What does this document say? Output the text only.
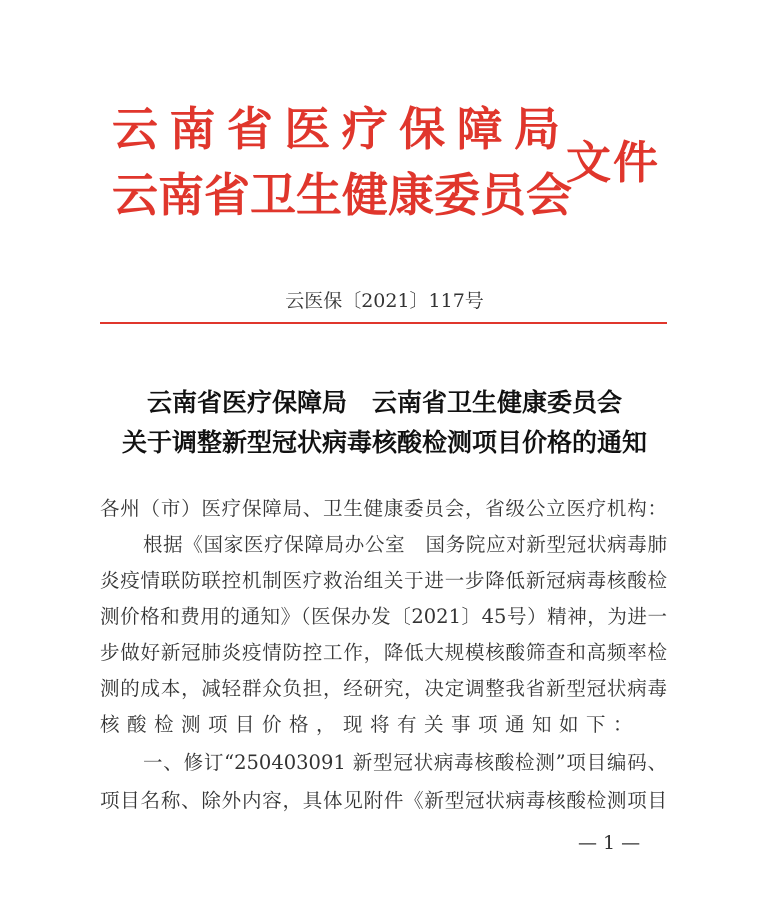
云南省医疗保障局
云南省卫生健康委员会
文件
云医保〔2021〕117号
云南省医疗保障局　云南省卫生健康委员会
关于调整新型冠状病毒核酸检测项目价格的通知
各州（市）医疗保障局、卫生健康委员会，省级公立医疗机构：
根据《国家医疗保障局办公室　国务院应对新型冠状病毒肺
炎疫情联防联控机制医疗救治组关于进一步降低新冠病毒核酸检
测价格和费用的通知》（医保办发〔2021〕45号）精神，为进一
步做好新冠肺炎疫情防控工作，降低大规模核酸筛查和高频率检
测的成本，减轻群众负担，经研究，决定调整我省新型冠状病毒
核酸检测项目价格，现将有关事项通知如下：
一、修订“250403091 新型冠状病毒核酸检测”项目编码、
项目名称、除外内容，具体见附件《新型冠状病毒核酸检测项目
— 1 —
